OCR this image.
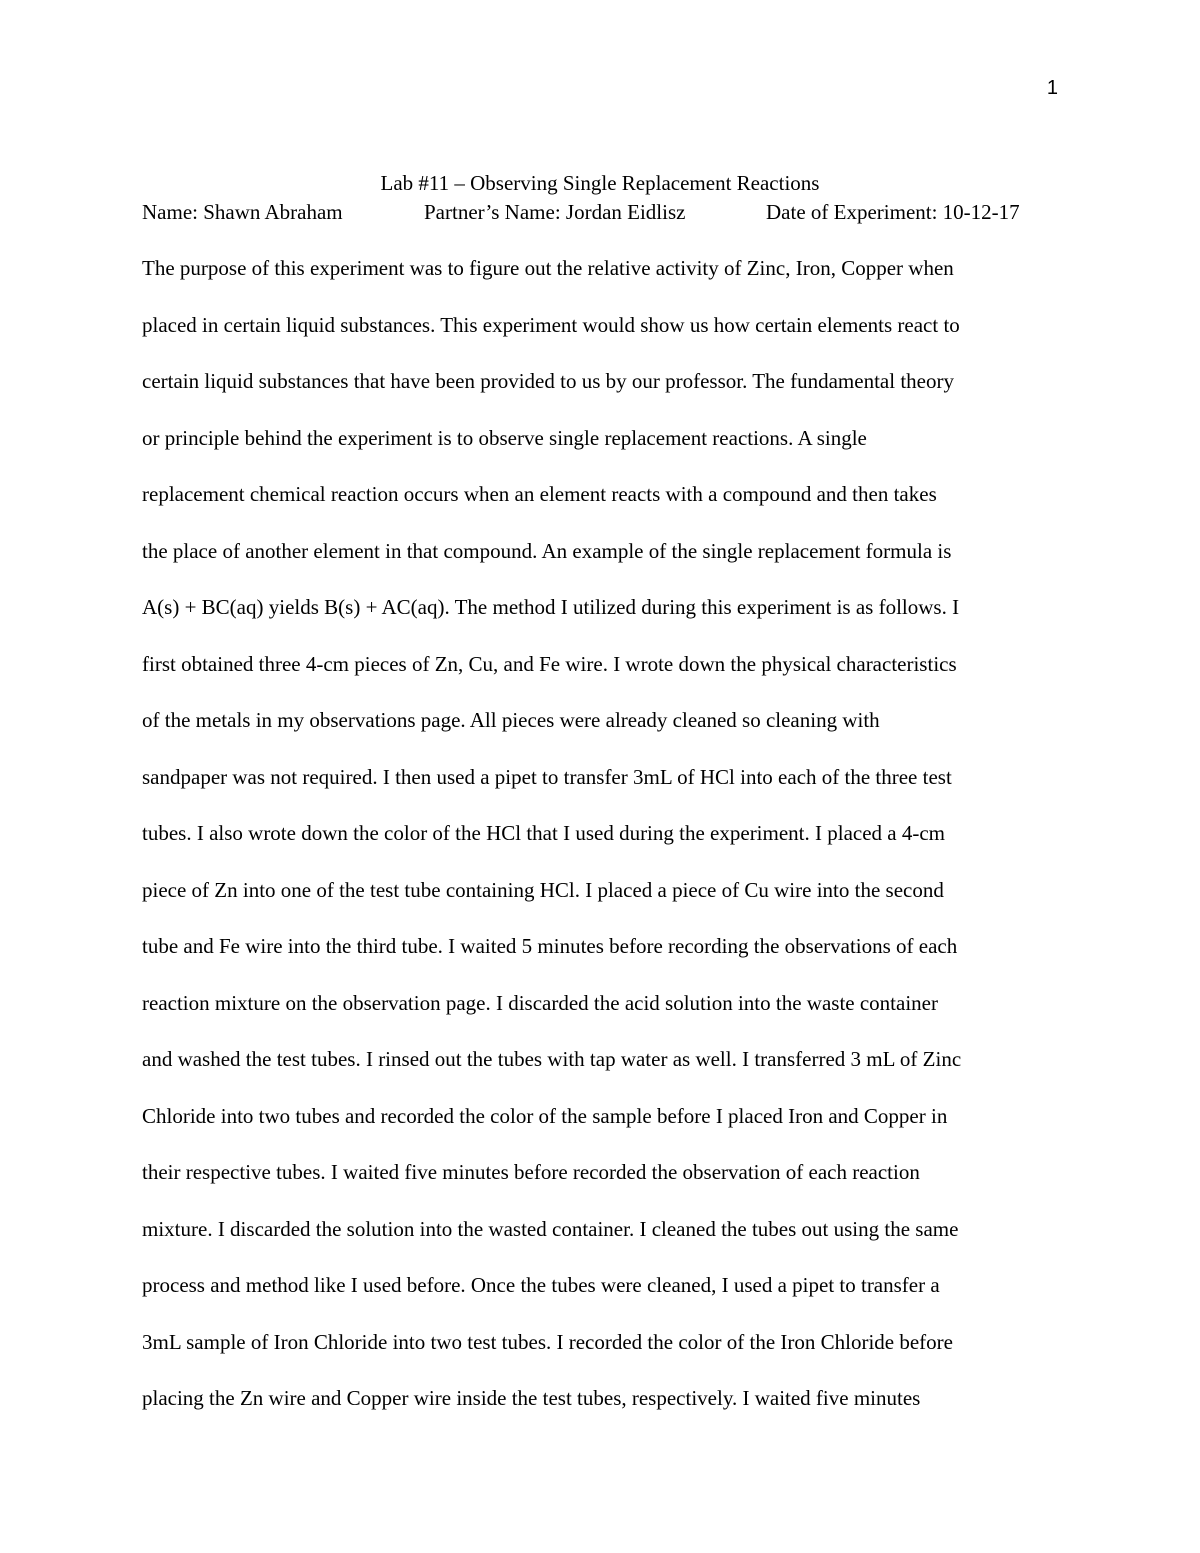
1
Lab #11 – Observing Single Replacement Reactions
Name: Shawn Abraham	Partner’s Name: Jordan Eidlisz	Date of Experiment: 10-12-17
The purpose of this experiment was to figure out the relative activity of Zinc, Iron, Copper when
placed in certain liquid substances. This experiment would show us how certain elements react to
certain liquid substances that have been provided to us by our professor. The fundamental theory
or principle behind the experiment is to observe single replacement reactions. A single
replacement chemical reaction occurs when an element reacts with a compound and then takes
the place of another element in that compound. An example of the single replacement formula is
A(s) + BC(aq) yields B(s) + AC(aq). The method I utilized during this experiment is as follows. I
first obtained three 4-cm pieces of Zn, Cu, and Fe wire. I wrote down the physical characteristics
of the metals in my observations page. All pieces were already cleaned so cleaning with
sandpaper was not required. I then used a pipet to transfer 3mL of HCl into each of the three test
tubes. I also wrote down the color of the HCl that I used during the experiment. I placed a 4-cm
piece of Zn into one of the test tube containing HCl. I placed a piece of Cu wire into the second
tube and Fe wire into the third tube. I waited 5 minutes before recording the observations of each
reaction mixture on the observation page. I discarded the acid solution into the waste container
and washed the test tubes. I rinsed out the tubes with tap water as well. I transferred 3 mL of Zinc
Chloride into two tubes and recorded the color of the sample before I placed Iron and Copper in
their respective tubes. I waited five minutes before recorded the observation of each reaction
mixture. I discarded the solution into the wasted container. I cleaned the tubes out using the same
process and method like I used before. Once the tubes were cleaned, I used a pipet to transfer a
3mL sample of Iron Chloride into two test tubes. I recorded the color of the Iron Chloride before
placing the Zn wire and Copper wire inside the test tubes, respectively. I waited five minutes
